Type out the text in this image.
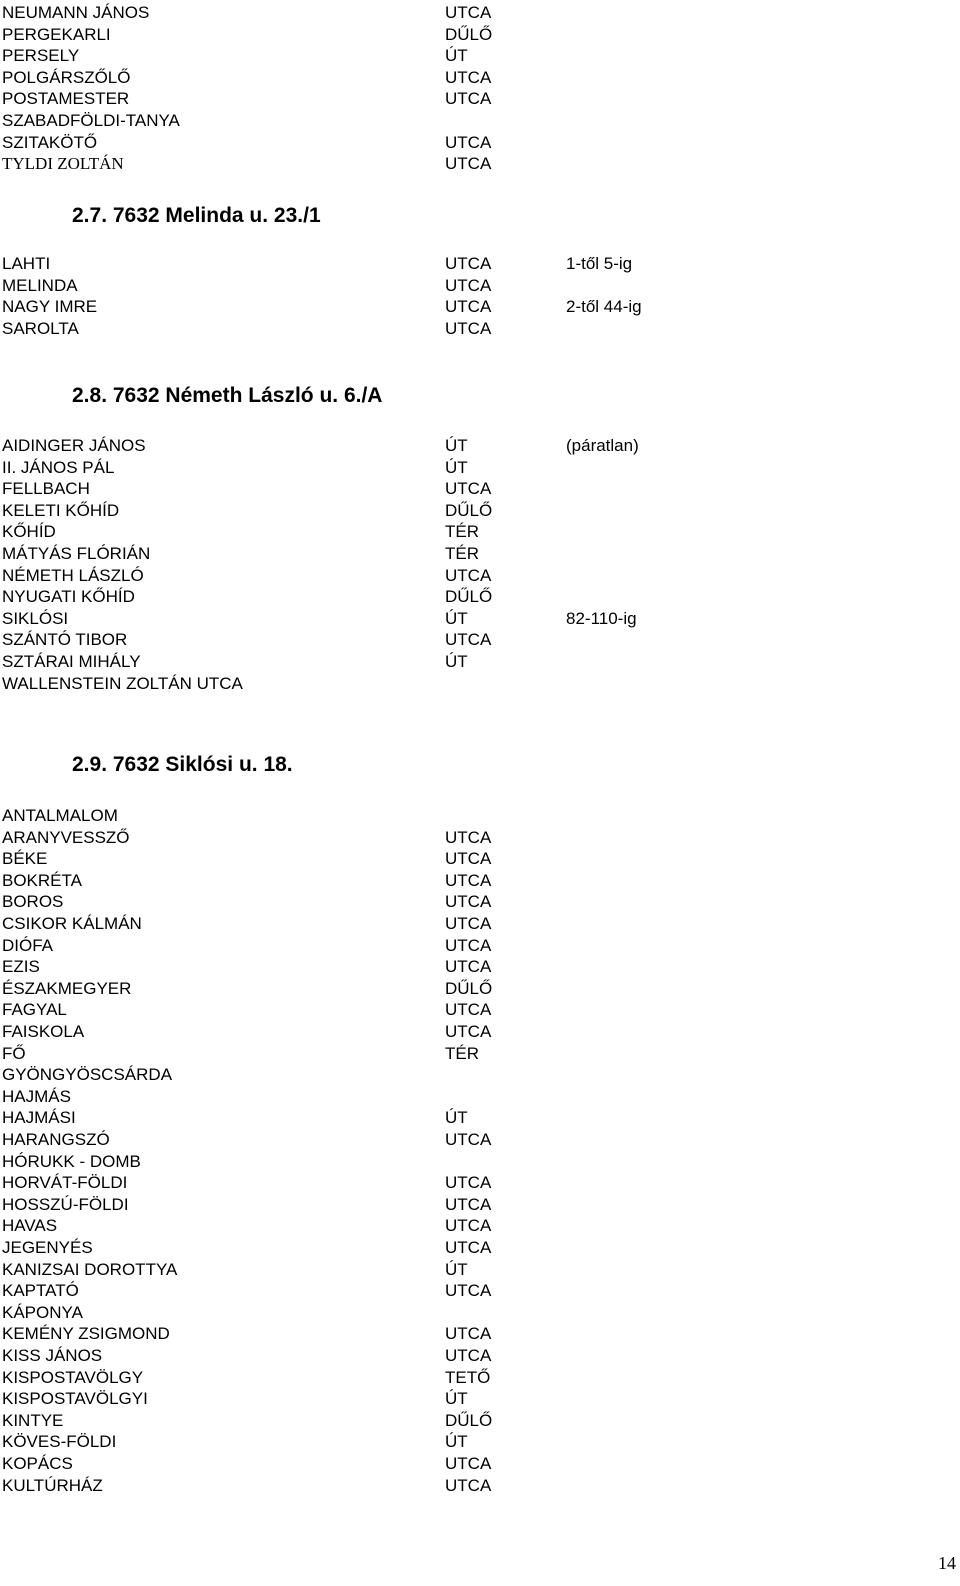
NEUMANN JÁNOS	UTCA
PERGEKARLI	DŰLŐ
PERSELY	ÚT
POLGÁRSZŐLŐ	UTCA
POSTAMESTER	UTCA
SZABADFÖLDI-TANYA
SZITAKÖTŐ	UTCA
TYLDI ZOLTÁN	UTCA
2.7. 7632 Melinda u. 23./1
LAHTI	UTCA	1-től 5-ig
MELINDA	UTCA
NAGY IMRE	UTCA	2-től 44-ig
SAROLTA	UTCA
2.8. 7632 Németh László u. 6./A
AIDINGER JÁNOS	ÚT	(páratlan)
II. JÁNOS PÁL	ÚT
FELLBACH	UTCA
KELETI KŐHÍD	DŰLŐ
KŐHÍD	TÉR
MÁTYÁS FLÓRIÁN	TÉR
NÉMETH LÁSZLÓ	UTCA
NYUGATI KŐHÍD	DŰLŐ
SIKLÓSI	ÚT	82-110-ig
SZÁNTÓ TIBOR	UTCA
SZTÁRAI MIHÁLY	ÚT
WALLENSTEIN ZOLTÁN UTCA
2.9. 7632 Siklósi u. 18.
ANTALMALOM
ARANYVESSZŐ	UTCA
BÉKE	UTCA
BOKRÉTA	UTCA
BOROS	UTCA
CSIKOR KÁLMÁN	UTCA
DIÓFA	UTCA
EZIS	UTCA
ÉSZAKMEGYER	DŰLŐ
FAGYAL	UTCA
FAISKOLA	UTCA
FŐ	TÉR
GYÖNGYÖSCSÁRDA
HAJMÁS
HAJMÁSI	ÚT
HARANGSZÓ	UTCA
HÓRUKK - DOMB
HORVÁT-FÖLDI	UTCA
HOSSZÚ-FÖLDI	UTCA
HAVAS	UTCA
JEGENYÉS	UTCA
KANIZSAI DOROTTYA	ÚT
KAPTATÓ	UTCA
KÁPONYA
KEMÉNY ZSIGMOND	UTCA
KISS JÁNOS	UTCA
KISPOSTAVÖLGY	TETŐ
KISPOSTAVÖLGYI	ÚT
KINTYE	DŰLŐ
KÖVES-FÖLDI	ÚT
KOPÁCS	UTCA
KULTÚRHÁZ	UTCA
14
